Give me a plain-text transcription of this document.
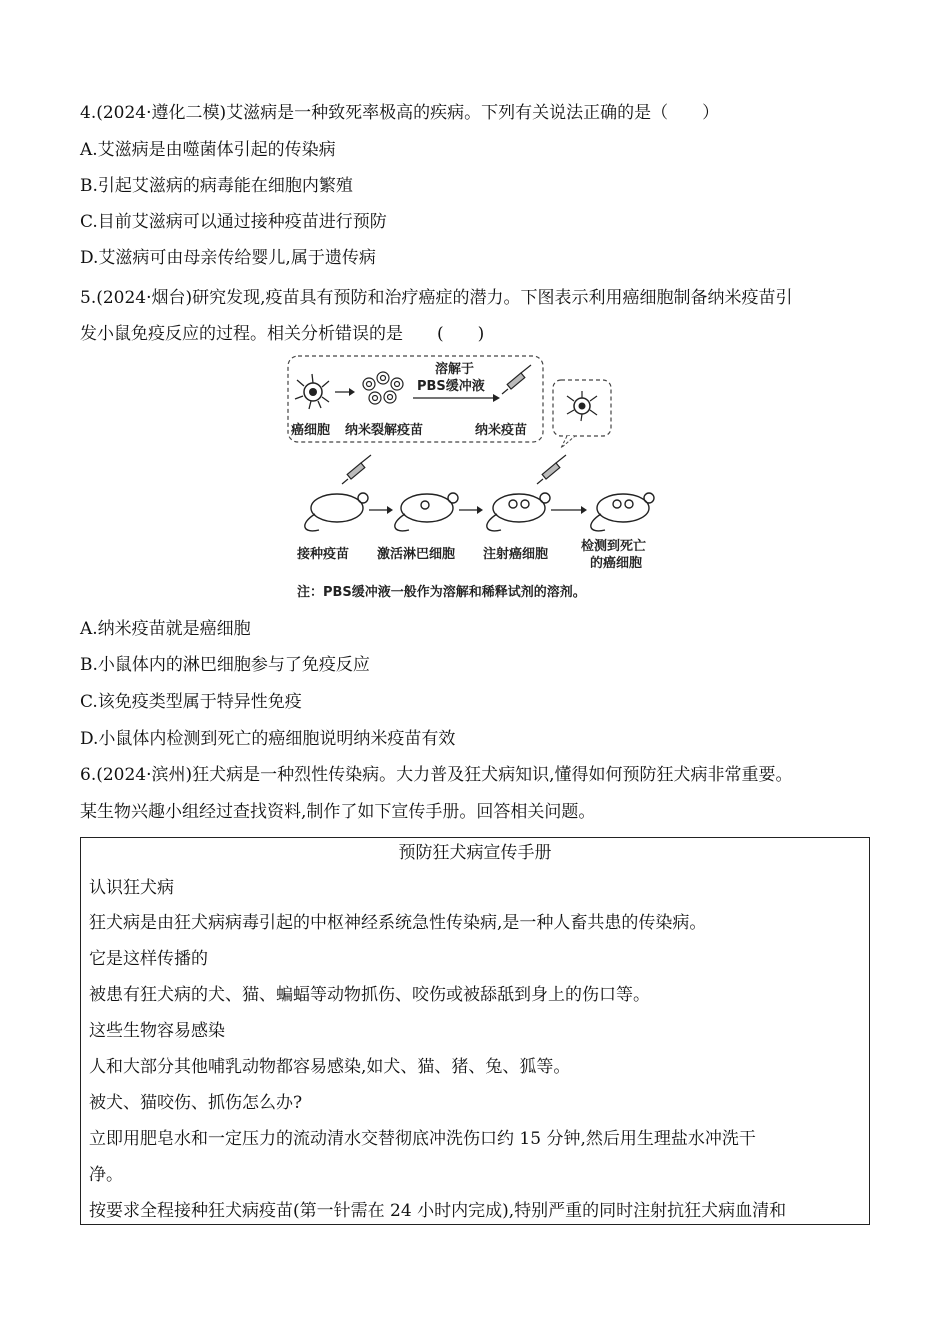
4.(2024·遵化二模)艾滋病是一种致死率极高的疾病。下列有关说法正确的是（　　）
A.艾滋病是由噬菌体引起的传染病
B.引起艾滋病的病毒能在细胞内繁殖
C.目前艾滋病可以通过接种疫苗进行预防
D.艾滋病可由母亲传给婴儿,属于遗传病
5.(2024·烟台)研究发现,疫苗具有预防和治疗癌症的潜力。下图表示利用癌细胞制备纳米疫苗引
发小鼠免疫反应的过程。相关分析错误的是　　(　　)
溶解于
PBS缓冲液
癌细胞 纳米裂解疫苗	纳米疫苗
接种疫苗 激活淋巴细胞 注射癌细胞
检测到死亡
的癌细胞
注：PBS缓冲液一般作为溶解和稀释试剂的溶剂。
A.纳米疫苗就是癌细胞
B.小鼠体内的淋巴细胞参与了免疫反应
C.该免疫类型属于特异性免疫
D.小鼠体内检测到死亡的癌细胞说明纳米疫苗有效
6.(2024·滨州)狂犬病是一种烈性传染病。大力普及狂犬病知识,懂得如何预防狂犬病非常重要。
某生物兴趣小组经过查找资料,制作了如下宣传手册。回答相关问题。
预防狂犬病宣传手册
认识狂犬病
狂犬病是由狂犬病病毒引起的中枢神经系统急性传染病,是一种人畜共患的传染病。
它是这样传播的
被患有狂犬病的犬、猫、蝙蝠等动物抓伤、咬伤或被舔舐到身上的伤口等。
这些生物容易感染
人和大部分其他哺乳动物都容易感染,如犬、猫、猪、兔、狐等。
被犬、猫咬伤、抓伤怎么办?
立即用肥皂水和一定压力的流动清水交替彻底冲洗伤口约 15 分钟,然后用生理盐水冲洗干
净。
按要求全程接种狂犬病疫苗(第一针需在 24 小时内完成),特别严重的同时注射抗狂犬病血清和
